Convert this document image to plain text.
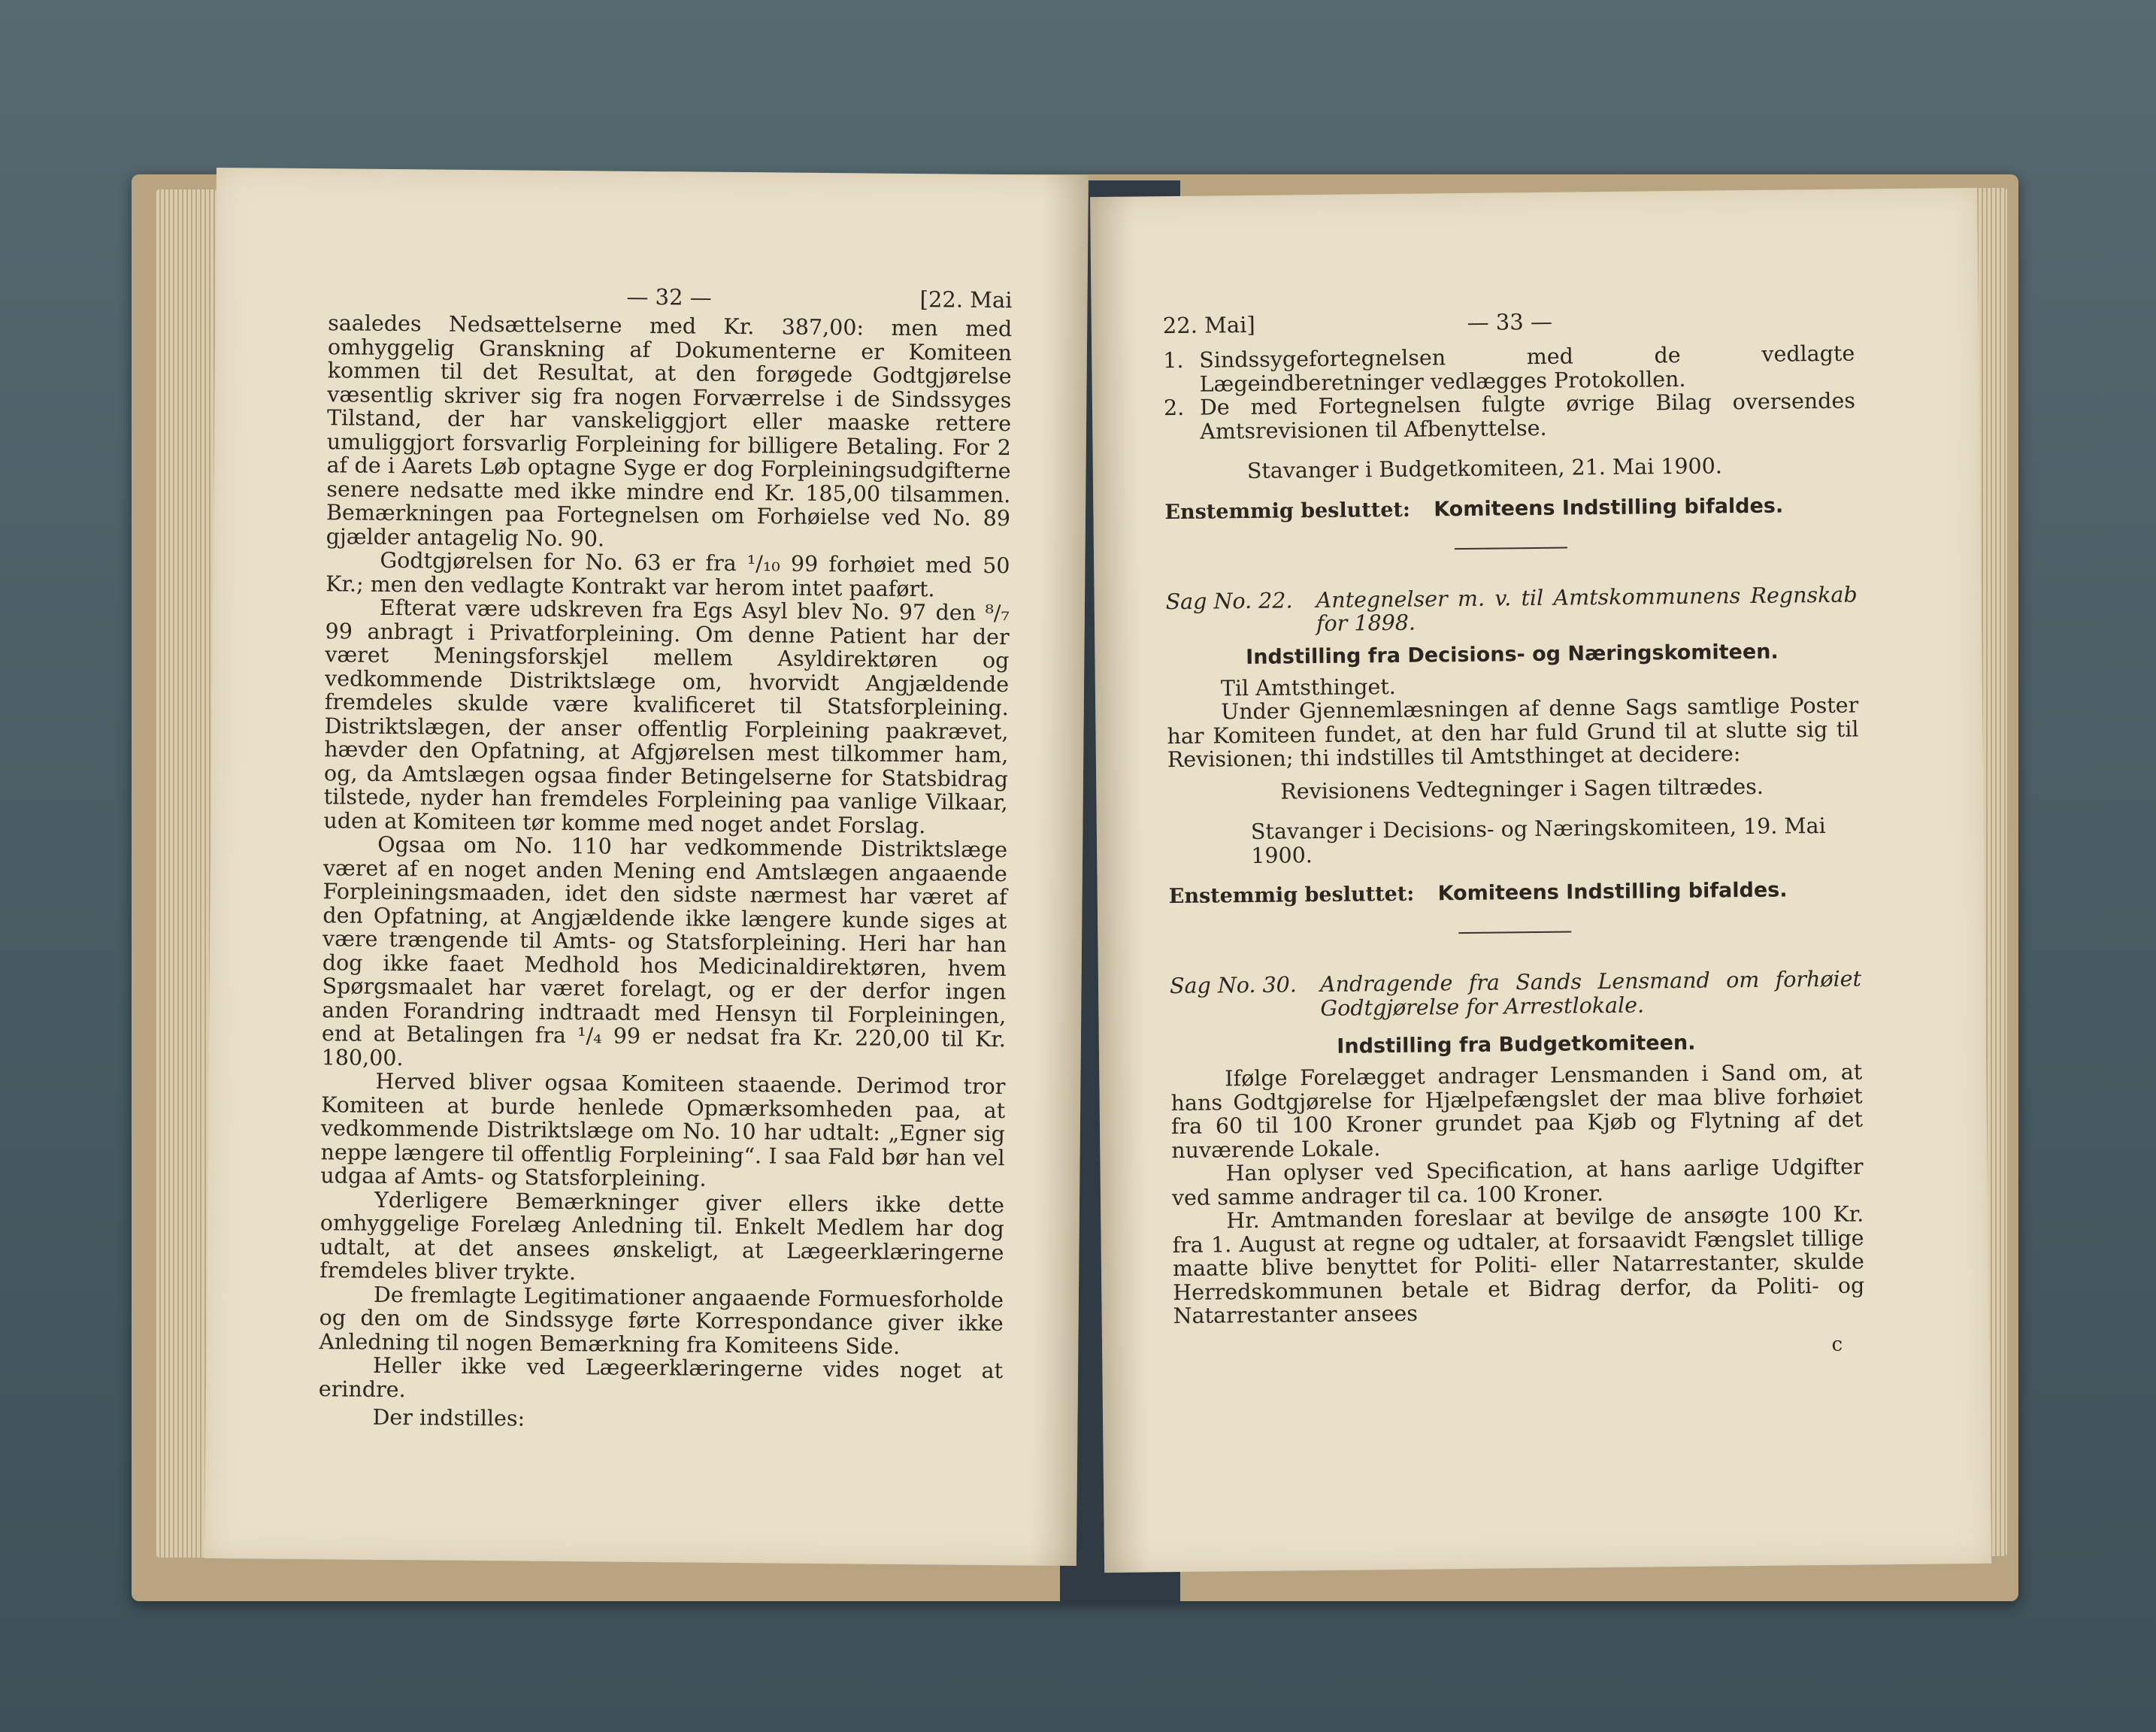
— 32 —	[22. Mai

saaledes Nedsættelserne med Kr. 387,00: men med omhyggelig Granskning af Dokumenterne er Komiteen kommen til det Resultat, at den forøgede Godtgjørelse væsentlig skriver sig fra nogen Forværrelse i de Sindssyges Tilstand, der har vanskeliggjort eller maaske rettere umuliggjort forsvarlig Forpleining for billigere Betaling. For 2 af de i Aarets Løb optagne Syge er dog Forpleiningsudgifterne senere nedsatte med ikke mindre end Kr. 185,00 tilsammen. Bemærkningen paa Fortegnelsen om Forhøielse ved No. 89 gjælder antagelig No. 90.

Godtgjørelsen for No. 63 er fra ¹/₁₀ 99 forhøiet med 50 Kr.; men den vedlagte Kontrakt var herom intet paaført.

Efterat være udskreven fra Egs Asyl blev No. 97 den ⁸/₇ 99 anbragt i Privatforpleining. Om denne Patient har der været Meningsforskjel mellem Asyldirektøren og vedkommende Distriktslæge om, hvorvidt Angjældende fremdeles skulde være kvalificeret til Statsforpleining. Distriktslægen, der anser offentlig Forpleining paakrævet, hævder den Opfatning, at Afgjørelsen mest tilkommer ham, og, da Amtslægen ogsaa finder Betingelserne for Statsbidrag tilstede, nyder han fremdeles Forpleining paa vanlige Vilkaar, uden at Komiteen tør komme med noget andet Forslag.

Ogsaa om No. 110 har vedkommende Distriktslæge været af en noget anden Mening end Amtslægen angaaende Forpleiningsmaaden, idet den sidste nærmest har været af den Opfatning, at Angjældende ikke længere kunde siges at være trængende til Amts- og Statsforpleining. Heri har han dog ikke faaet Medhold hos Medicinaldirektøren, hvem Spørgsmaalet har været forelagt, og er der derfor ingen anden Forandring indtraadt med Hensyn til Forpleiningen, end at Betalingen fra ¹/₄ 99 er nedsat fra Kr. 220,00 til Kr. 180,00.

Herved bliver ogsaa Komiteen staaende. Derimod tror Komiteen at burde henlede Opmærksomheden paa, at vedkommende Distriktslæge om No. 10 har udtalt: „Egner sig neppe længere til offentlig Forpleining“. I saa Fald bør han vel udgaa af Amts- og Statsforpleining.

Yderligere Bemærkninger giver ellers ikke dette omhyggelige Forelæg Anledning til. Enkelt Medlem har dog udtalt, at det ansees ønskeligt, at Lægeerklæringerne fremdeles bliver trykte.

De fremlagte Legitimationer angaaende Formuesforholde og den om de Sindssyge førte Korrespondance giver ikke Anledning til nogen Bemærkning fra Komiteens Side.

Heller ikke ved Lægeerklæringerne vides noget at erindre.

Der indstilles:

22. Mai]	— 33 —
1. Sindssygefortegnelsen med de vedlagte Lægeindberetninger vedlægges Protokollen.
2. De med Fortegnelsen fulgte øvrige Bilag oversendes Amtsrevisionen til Afbenyttelse.
Stavanger i Budgetkomiteen, 21. Mai 1900.
Enstemmig besluttet: Komiteens Indstilling bifaldes.
Sag No. 22.	Antegnelser m. v. til Amtskommunens Regnskab for 1898.
Indstilling fra Decisions- og Næringskomiteen.

Til Amtsthinget.

Under Gjennemlæsningen af denne Sags samtlige Poster har Komiteen fundet, at den har fuld Grund til at slutte sig til Revisionen; thi indstilles til Amtsthinget at decidere:

Revisionens Vedtegninger i Sagen tiltrædes.
Stavanger i Decisions- og Næringskomiteen, 19. Mai 1900.
Enstemmig besluttet: Komiteens Indstilling bifaldes.
Sag No. 30.	Andragende fra Sands Lensmand om forhøiet Godtgjørelse for Arrestlokale.
Indstilling fra Budgetkomiteen.

Ifølge Forelægget andrager Lensmanden i Sand om, at hans Godtgjørelse for Hjælpefængslet der maa blive forhøiet fra 60 til 100 Kroner grundet paa Kjøb og Flytning af det nuværende Lokale.

Han oplyser ved Specification, at hans aarlige Udgifter ved samme andrager til ca. 100 Kroner.

Hr. Amtmanden foreslaar at bevilge de ansøgte 100 Kr. fra 1. August at regne og udtaler, at forsaavidt Fængslet tillige maatte blive benyttet for Politi- eller Natarrestanter, skulde Herredskommunen betale et Bidrag derfor, da Politi- og Natarrestanter ansees

c
